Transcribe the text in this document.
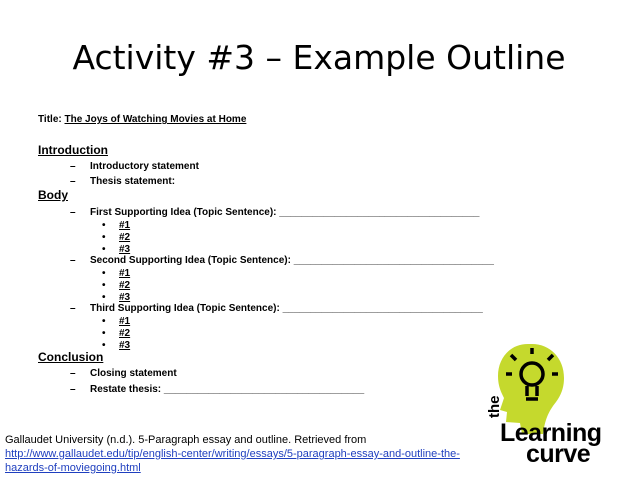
Activity #3 – Example Outline
Title: The Joys of Watching Movies at Home
Introduction
– Introductory statement
– Thesis statement:
Body
– First Supporting Idea (Topic Sentence): ____________________________________
• #1
• #2
• #3
– Second Supporting Idea (Topic Sentence): ____________________________________
• #1
• #2
• #3
– Third Supporting Idea (Topic Sentence): ____________________________________
• #1
• #2
• #3
Conclusion
– Closing statement
– Restate thesis: ____________________________________
the
Learning
curve
Gallaudet University (n.d.). 5-Paragraph essay and outline. Retrieved from
http://www.gallaudet.edu/tip/english-center/writing/essays/5-paragraph-essay-and-outline-the-
hazards-of-moviegoing.html
